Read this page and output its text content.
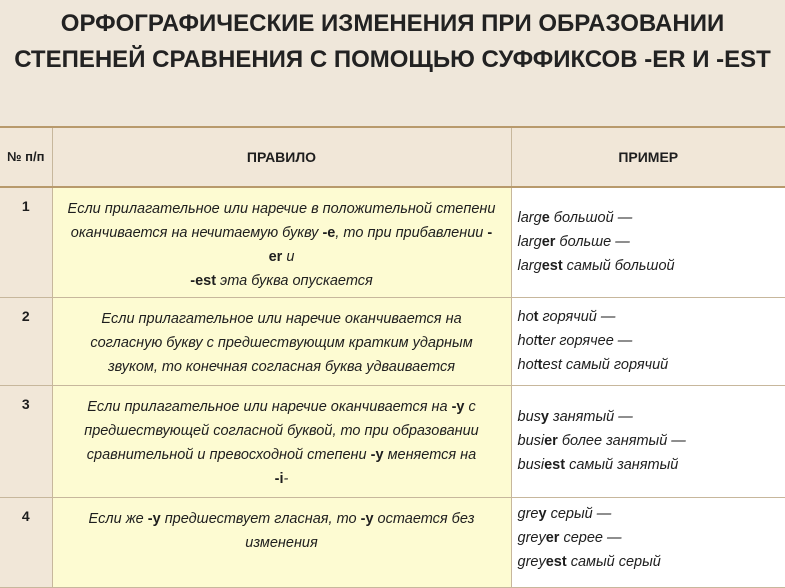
ОРФОГРАФИЧЕСКИЕ ИЗМЕНЕНИЯ ПРИ ОБРАЗОВАНИИ СТЕПЕНЕЙ СРАВНЕНИЯ С ПОМОЩЬЮ СУФФИКСОВ -ER И -EST
№ п/п	ПРАВИЛО	ПРИМЕР
1	Если прилагательное или наречие в положительной степени оканчивается на нечитаемую букву -e, то при прибавлении -er и
-est эта буква опускается	large большой —
larger больше —
largest самый большой

2	Если прилагательное или наречие оканчивается на согласную букву с предшествующим кратким ударным звуком, то конечная согласная буква удваивается	hot горячий —
hotter горячее —
hottest самый горячий

3	Если прилагательное или наречие оканчивается на -y с предшествующей согласной буквой, то при образовании сравнительной и превосходной степени -y меняется на
-i-	busy занятый —
busier более занятый —
busiest самый занятый

4	Если же -y предшествует гласная, то -y остается без изменения	grey серый —
greyer серее —
greyest самый серый
